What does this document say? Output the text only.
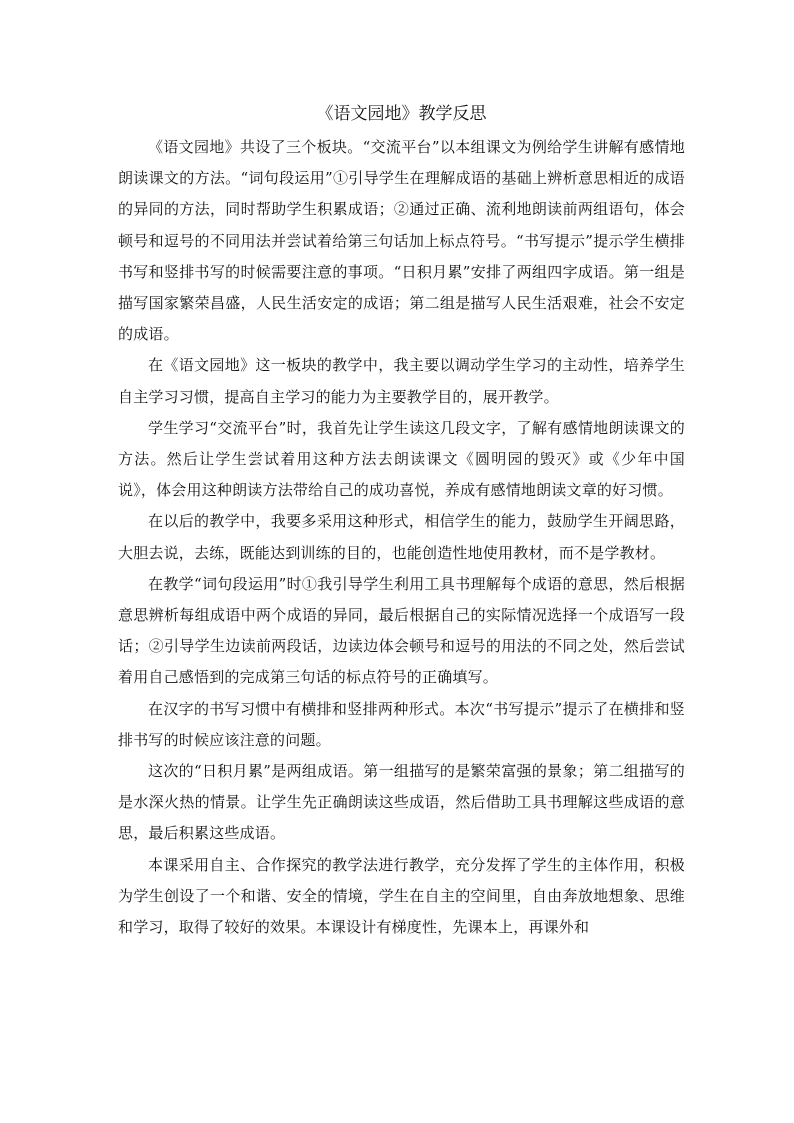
《语文园地》教学反思

《语文园地》共设了三个板块。“交流平台”以本组课文为例给学生讲解有感情地朗读课文的方法。“词句段运用”①引导学生在理解成语的基础上辨析意思相近的成语的异同的方法，同时帮助学生积累成语；②通过正确、流利地朗读前两组语句，体会顿号和逗号的不同用法并尝试着给第三句话加上标点符号。“书写提示”提示学生横排书写和竖排书写的时候需要注意的事项。“日积月累”安排了两组四字成语。第一组是描写国家繁荣昌盛，人民生活安定的成语；第二组是描写人民生活艰难，社会不安定的成语。

在《语文园地》这一板块的教学中，我主要以调动学生学习的主动性，培养学生自主学习习惯，提高自主学习的能力为主要教学目的，展开教学。

学生学习“交流平台”时，我首先让学生读这几段文字，了解有感情地朗读课文的方法。然后让学生尝试着用这种方法去朗读课文《圆明园的毁灭》或《少年中国说》，体会用这种朗读方法带给自己的成功喜悦，养成有感情地朗读文章的好习惯。

在以后的教学中，我要多采用这种形式，相信学生的能力，鼓励学生开阔思路，大胆去说，去练，既能达到训练的目的，也能创造性地使用教材，而不是学教材。

在教学“词句段运用”时①我引导学生利用工具书理解每个成语的意思，然后根据意思辨析每组成语中两个成语的异同，最后根据自己的实际情况选择一个成语写一段话；②引导学生边读前两段话，边读边体会顿号和逗号的用法的不同之处，然后尝试着用自己感悟到的完成第三句话的标点符号的正确填写。

在汉字的书写习惯中有横排和竖排两种形式。本次“书写提示”提示了在横排和竖排书写的时候应该注意的问题。

这次的“日积月累”是两组成语。第一组描写的是繁荣富强的景象；第二组描写的是水深火热的情景。让学生先正确朗读这些成语，然后借助工具书理解这些成语的意思，最后积累这些成语。

本课采用自主、合作探究的教学法进行教学，充分发挥了学生的主体作用，积极为学生创设了一个和谐、安全的情境，学生在自主的空间里，自由奔放地想象、思维和学习，取得了较好的效果。本课设计有梯度性，先课本上，再课外和
